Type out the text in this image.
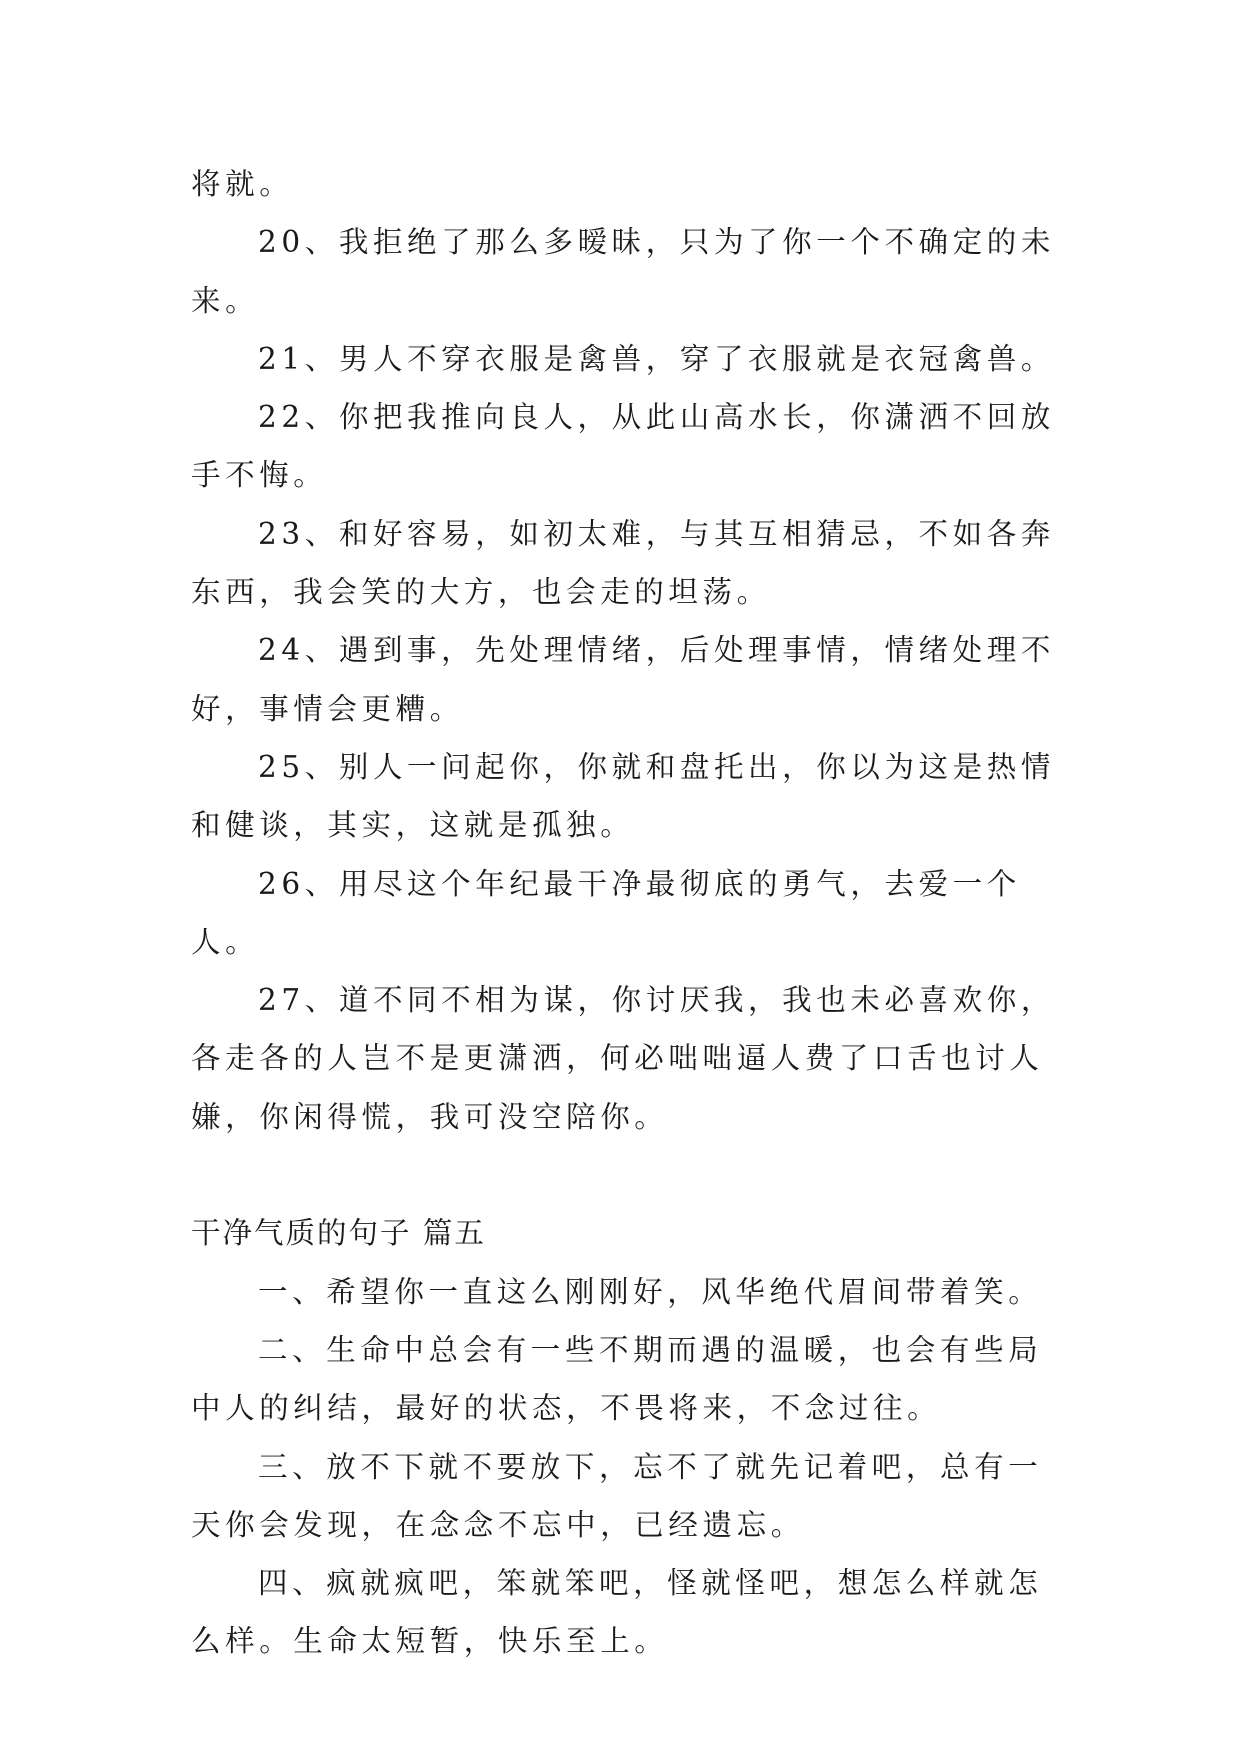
将就。

20、我拒绝了那么多暧昧，只为了你一个不确定的未来。

21、男人不穿衣服是禽兽，穿了衣服就是衣冠禽兽。

22、你把我推向良人，从此山高水长，你潇洒不回放手不悔。

23、和好容易，如初太难，与其互相猜忌，不如各奔东西，我会笑的大方，也会走的坦荡。

24、遇到事，先处理情绪，后处理事情，情绪处理不好，事情会更糟。

25、别人一问起你，你就和盘托出，你以为这是热情和健谈，其实，这就是孤独。

26、用尽这个年纪最干净最彻底的勇气，去爱一个人。

27、道不同不相为谋，你讨厌我，我也未必喜欢你，各走各的人岂不是更潇洒，何必咄咄逼人费了口舌也讨人嫌，你闲得慌，我可没空陪你。

干净气质的句子 篇五

一、希望你一直这么刚刚好，风华绝代眉间带着笑。

二、生命中总会有一些不期而遇的温暖，也会有些局中人的纠结，最好的状态，不畏将来，不念过往。

三、放不下就不要放下，忘不了就先记着吧，总有一天你会发现，在念念不忘中，已经遗忘。

四、疯就疯吧，笨就笨吧，怪就怪吧，想怎么样就怎么样。生命太短暂，快乐至上。
